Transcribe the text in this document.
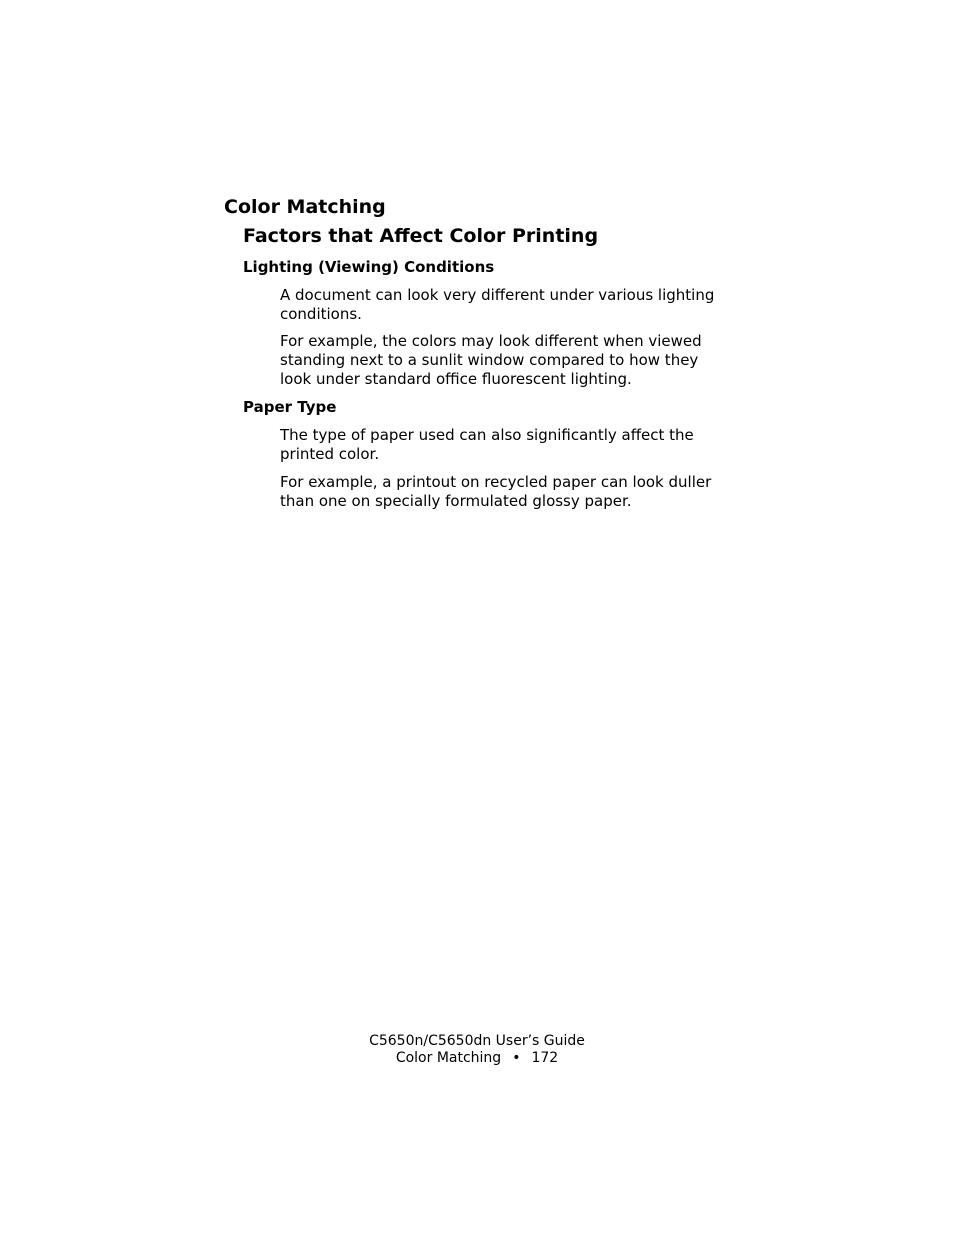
Color Matching
Factors that Affect Color Printing
Lighting (Viewing) Conditions

A document can look very different under various lighting
conditions.

For example, the colors may look different when viewed
standing next to a sunlit window compared to how they
look under standard office fluorescent lighting.

Paper Type

The type of paper used can also significantly affect the
printed color.

For example, a printout on recycled paper can look duller
than one on specially formulated glossy paper.

C5650n/C5650dn User’s Guide
Color Matching • 172
